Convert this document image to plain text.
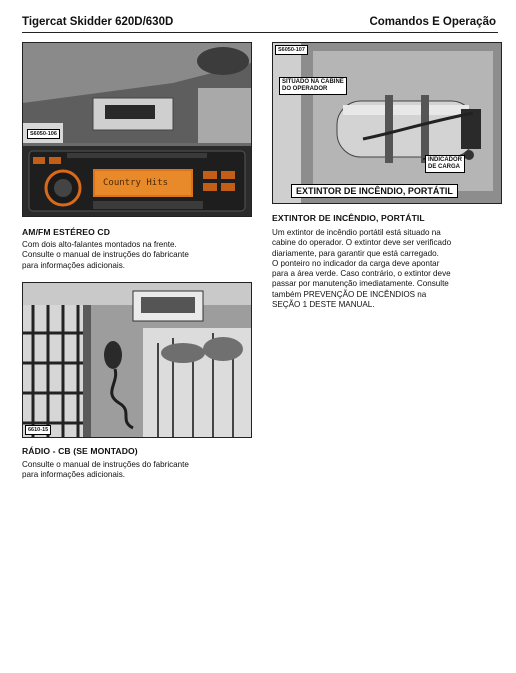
Tigercat Skidder 620D/630D	Comandos E Operação
S6050-106
Country Hits
AM/FM ESTÉREO CD
Com dois alto-falantes montados na frente.
Consulte o manual de instruções do fabricante
para informações adicionais.
6610-15
RÁDIO - CB (SE MONTADO)
Consulte o manual de instruções do fabricante
para informações adicionais.
S6050-107
SITUADO NA CABINE
DO OPERADOR
INDICADOR
DE CARGA
EXTINTOR DE INCÊNDIO, PORTÁTIL
EXTINTOR DE INCÊNDIO, PORTÁTIL
Um extintor de incêndio portátil está situado na
cabine do operador. O extintor deve ser verificado
diariamente, para garantir que está carregado.
O ponteiro no indicador da carga deve apontar
para a área verde. Caso contrário, o extintor deve
passar por manutenção imediatamente. Consulte
também PREVENÇÃO DE INCÊNDIOS na
SEÇÃO 1 DESTE MANUAL.
